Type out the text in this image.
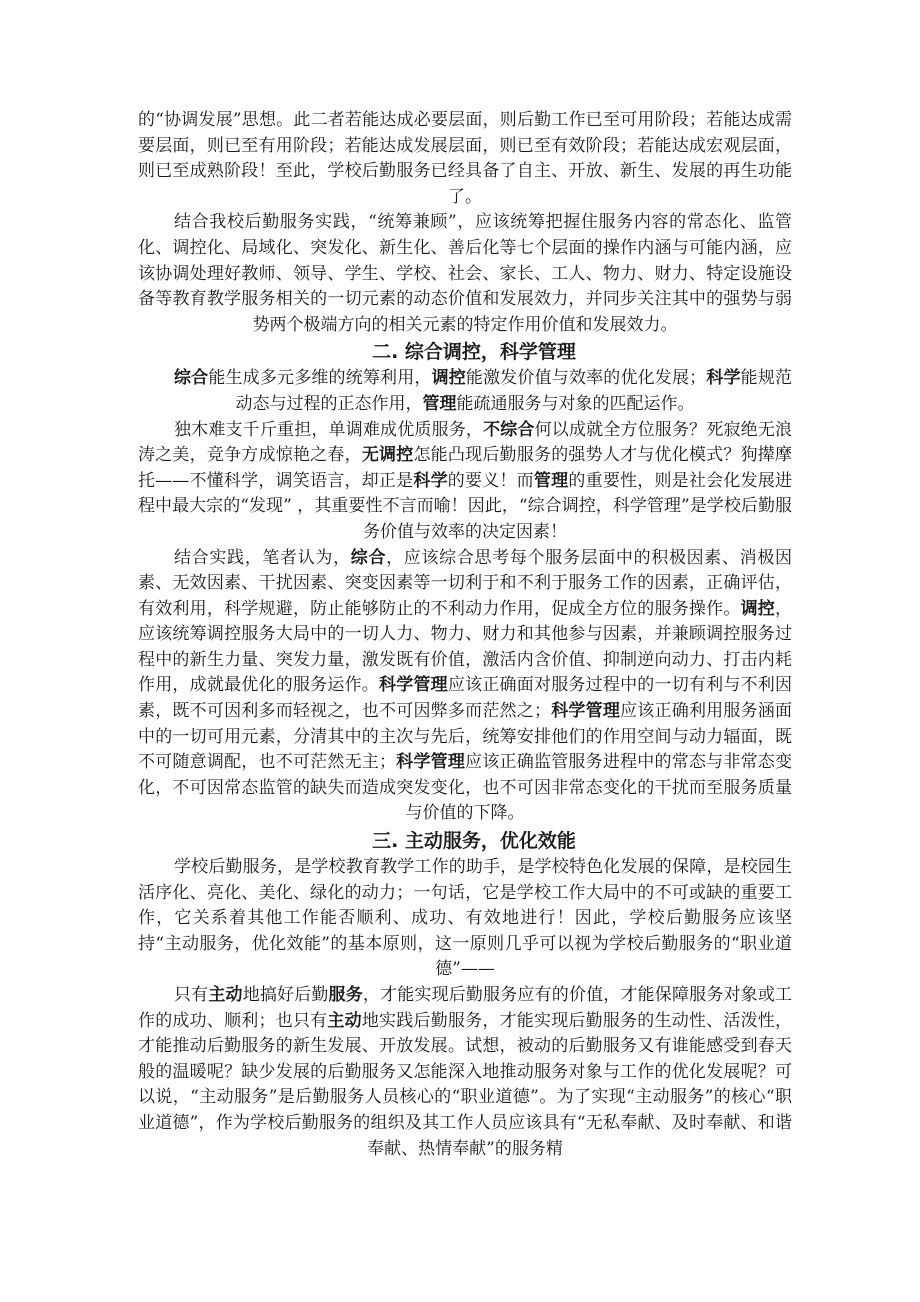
的“协调发展”思想。此二者若能达成必要层面，则后勤工作已至可用阶段；若能达成需要层面，则已至有用阶段；若能达成发展层面，则已至有效阶段；若能达成宏观层面，则已至成熟阶段！至此，学校后勤服务已经具备了自主、开放、新生、发展的再生功能了。

结合我校后勤服务实践，“统筹兼顾”，应该统筹把握住服务内容的常态化、监管化、调控化、局域化、突发化、新生化、善后化等七个层面的操作内涵与可能内涵，应该协调处理好教师、领导、学生、学校、社会、家长、工人、物力、财力、特定设施设备等教育教学服务相关的一切元素的动态价值和发展效力，并同步关注其中的强势与弱势两个极端方向的相关元素的特定作用价值和发展效力。

二. 综合调控，科学管理

综合能生成多元多维的统筹利用，调控能激发价值与效率的优化发展；科学能规范动态与过程的正态作用，管理能疏通服务与对象的匹配运作。

独木难支千斤重担，单调难成优质服务，不综合何以成就全方位服务？死寂绝无浪涛之美，竞争方成惊艳之春，无调控怎能凸现后勤服务的强势人才与优化模式？狗撵摩托——不懂科学，调笑语言，却正是科学的要义！而管理的重要性，则是社会化发展进程中最大宗的“发现” ，其重要性不言而喻！因此，“综合调控，科学管理”是学校后勤服务价值与效率的决定因素！

结合实践，笔者认为，综合，应该综合思考每个服务层面中的积极因素、消极因素、无效因素、干扰因素、突变因素等一切利于和不利于服务工作的因素，正确评估，有效利用，科学规避，防止能够防止的不利动力作用，促成全方位的服务操作。调控，应该统筹调控服务大局中的一切人力、物力、财力和其他参与因素，并兼顾调控服务过程中的新生力量、突发力量，激发既有价值，激活内含价值、抑制逆向动力、打击内耗作用，成就最优化的服务运作。科学管理应该正确面对服务过程中的一切有利与不利因素，既不可因利多而轻视之，也不可因弊多而茫然之；科学管理应该正确利用服务涵面中的一切可用元素，分清其中的主次与先后，统筹安排他们的作用空间与动力辐面，既不可随意调配，也不可茫然无主；科学管理应该正确监管服务进程中的常态与非常态变化，不可因常态监管的缺失而造成突发变化，也不可因非常态变化的干扰而至服务质量与价值的下降。

三. 主动服务，优化效能

学校后勤服务，是学校教育教学工作的助手，是学校特色化发展的保障，是校园生活序化、亮化、美化、绿化的动力；一句话，它是学校工作大局中的不可或缺的重要工作，它关系着其他工作能否顺利、成功、有效地进行！因此，学校后勤服务应该坚持“主动服务，优化效能”的基本原则，这一原则几乎可以视为学校后勤服务的“职业道德”——

只有主动地搞好后勤服务，才能实现后勤服务应有的价值，才能保障服务对象或工作的成功、顺利；也只有主动地实践后勤服务，才能实现后勤服务的生动性、活泼性，才能推动后勤服务的新生发展、开放发展。试想，被动的后勤服务又有谁能感受到春天般的温暖呢？缺少发展的后勤服务又怎能深入地推动服务对象与工作的优化发展呢？可以说，“主动服务”是后勤服务人员核心的“职业道德”。为了实现“主动服务”的核心“职业道德”，作为学校后勤服务的组织及其工作人员应该具有“无私奉献、及时奉献、和谐奉献、热情奉献”的服务精
